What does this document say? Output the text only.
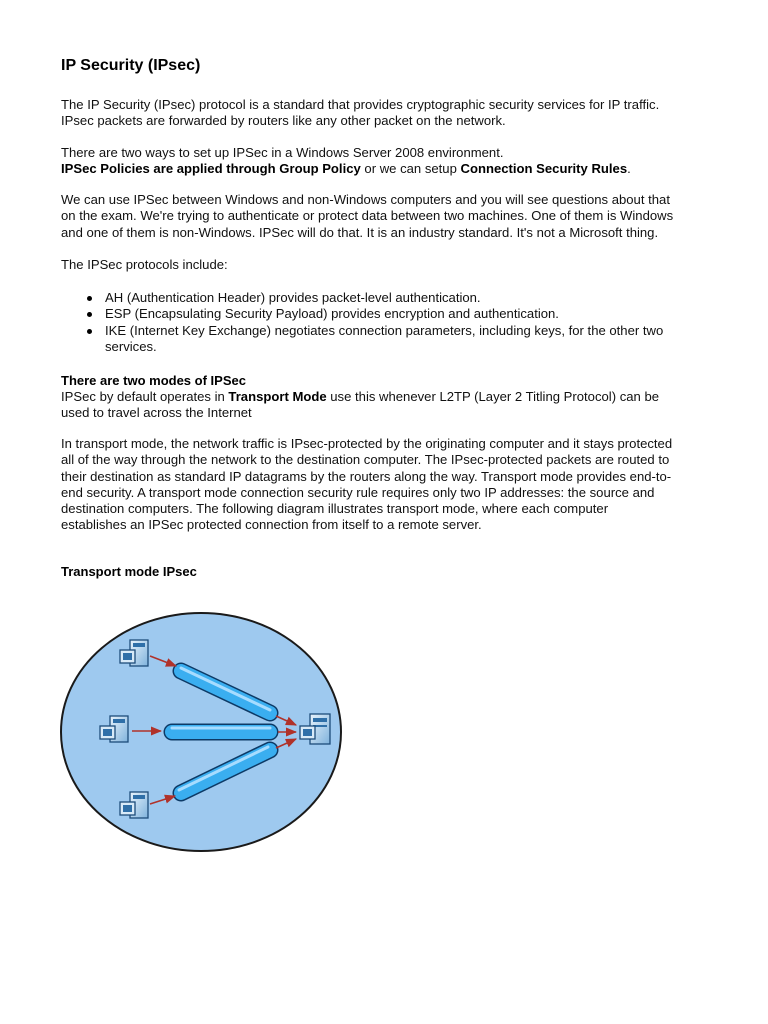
IP Security (IPsec)

The IP Security (IPsec) protocol is a standard that provides cryptographic security services for IP traffic.
IPsec packets are forwarded by routers like any other packet on the network.

There are two ways to set up IPSec in a Windows Server 2008 environment.
IPSec Policies are applied through Group Policy or we can setup Connection Security Rules.

We can use IPSec between Windows and non-Windows computers and you will see questions about that
on the exam. We're trying to authenticate or protect data between two machines. One of them is Windows
and one of them is non-Windows. IPSec will do that. It is an industry standard. It's not a Microsoft thing.

The IPSec protocols include:

AH (Authentication Header) provides packet-level authentication.
ESP (Encapsulating Security Payload) provides encryption and authentication.
IKE (Internet Key Exchange) negotiates connection parameters, including keys, for the other two
services.

There are two modes of IPSec

IPSec by default operates in Transport Mode use this whenever L2TP (Layer 2 Titling Protocol) can be
used to travel across the Internet

In transport mode, the network traffic is IPsec-protected by the originating computer and it stays protected
all of the way through the network to the destination computer. The IPsec-protected packets are routed to
their destination as standard IP datagrams by the routers along the way. Transport mode provides end-to-
end security. A transport mode connection security rule requires only two IP addresses: the source and
destination computers. The following diagram illustrates transport mode, where each computer
establishes an IPSec protected connection from itself to a remote server.

Transport mode IPsec
